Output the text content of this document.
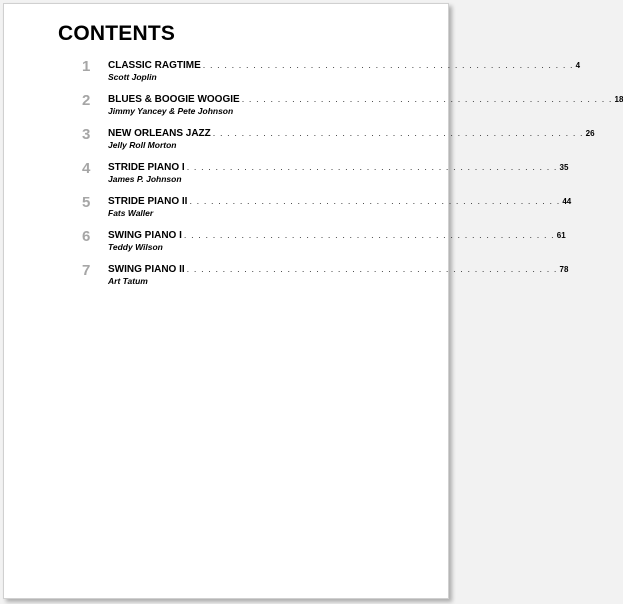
CONTENTS
1 CLASSIC RAGTIME . . . . . . . . . . . . . . . . . . . . . . . . . . . . . . . . . . . . . . . . . . . . . . . . . . . . 4
Scott Joplin
2 BLUES & BOOGIE WOOGIE . . . . . . . . . . . . . . . . . . . . . . . . . . . . . . . . . . . . . . . . . . . . . . . . . . . . 18
Jimmy Yancey & Pete Johnson
3 NEW ORLEANS JAZZ . . . . . . . . . . . . . . . . . . . . . . . . . . . . . . . . . . . . . . . . . . . . . . . . . . . . 26
Jelly Roll Morton
4 STRIDE PIANO I . . . . . . . . . . . . . . . . . . . . . . . . . . . . . . . . . . . . . . . . . . . . . . . . . . . . 35
James P. Johnson
5 STRIDE PIANO II . . . . . . . . . . . . . . . . . . . . . . . . . . . . . . . . . . . . . . . . . . . . . . . . . . . . 44
Fats Waller
6 SWING PIANO I . . . . . . . . . . . . . . . . . . . . . . . . . . . . . . . . . . . . . . . . . . . . . . . . . . . . 61
Teddy Wilson
7 SWING PIANO II . . . . . . . . . . . . . . . . . . . . . . . . . . . . . . . . . . . . . . . . . . . . . . . . . . . . 78
Art Tatum
